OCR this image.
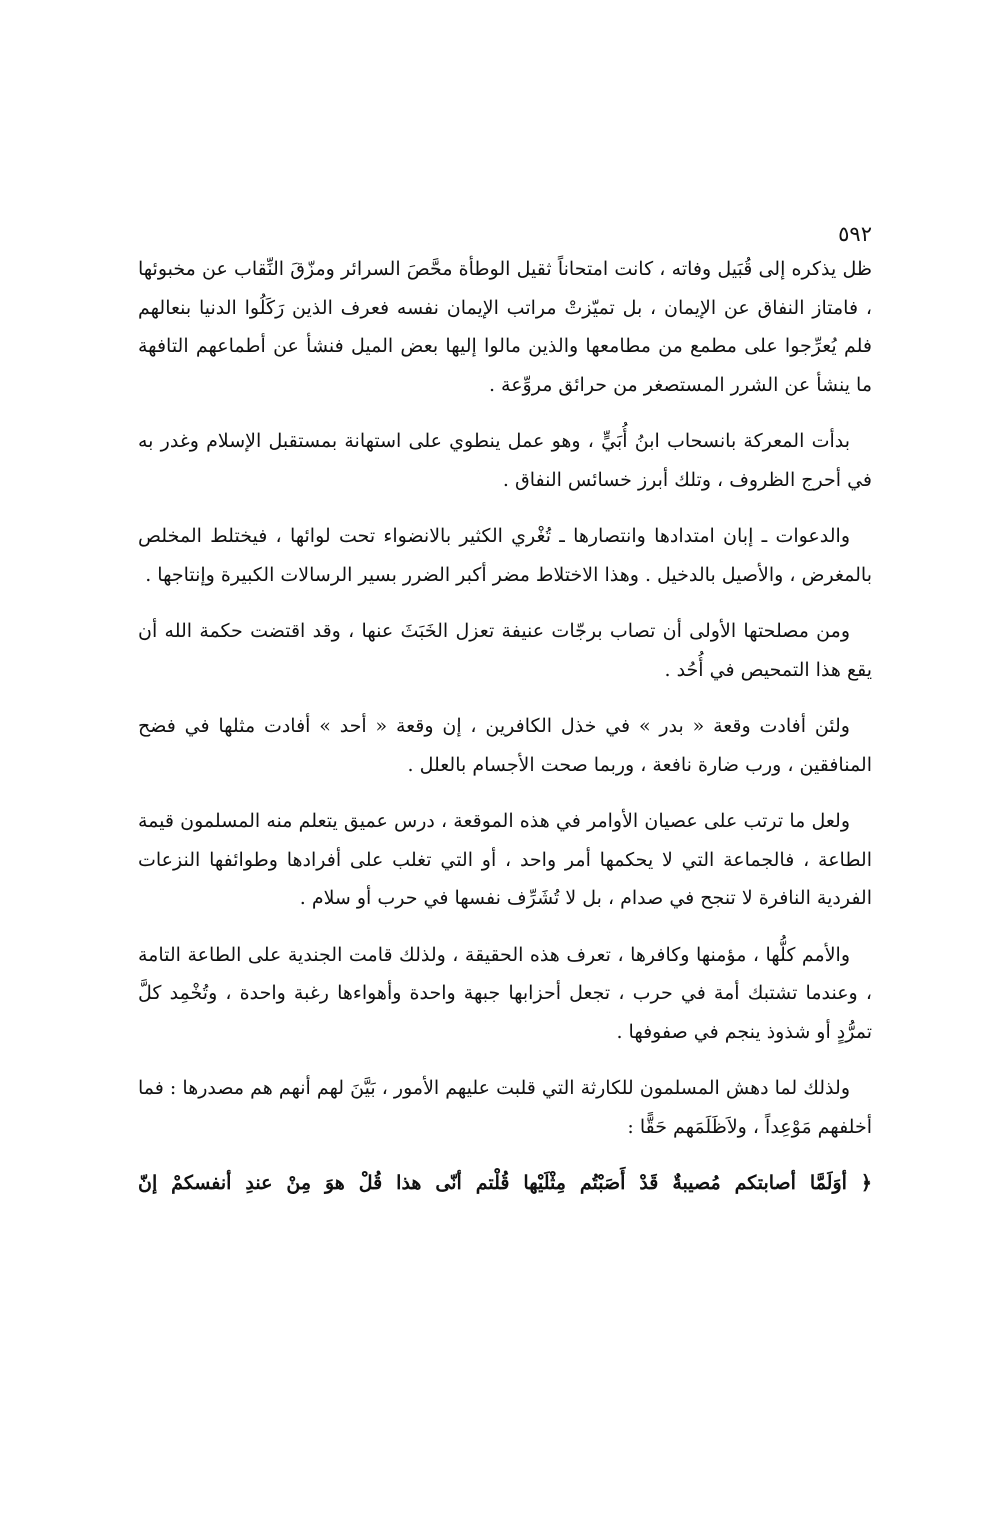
٥٩٢

ظل يذكره إلى قُبَيل وفاته ، كانت امتحاناً ثقيل الوطأة محَّصَ السرائر ومزّقَ النِّقاب عن مخبوئها ، فامتاز النفاق عن الإيمان ، بل تميّزتْ مراتب الإيمان نفسه فعرف الذين رَكَلُوا الدنيا بنعالهم فلم يُعرِّجوا على مطمع من مطامعها والذين مالوا إليها بعض الميل فنشأ عن أطماعهم التافهة ما ينشأ عن الشرر المستصغر من حرائق مروِّعة .

بدأت المعركة بانسحاب ابنُ أُبَيٍّ ، وهو عمل ينطوي على استهانة بمستقبل الإسلام وغدر به في أحرج الظروف ، وتلك أبرز خسائس النفاق .

والدعوات ـ إبان امتدادها وانتصارها ـ تُغْري الكثير بالانضواء تحت لوائها ، فيختلط المخلص بالمغرض ، والأصيل بالدخيل . وهذا الاختلاط مضر أكبر الضرر بسير الرسالات الكبيرة وإنتاجها .

ومن مصلحتها الأولى أن تصاب برجّات عنيفة تعزل الخَبَثَ عنها ، وقد اقتضت حكمة الله أن يقع هذا التمحيص في أُحُد .

ولئن أفادت وقعة « بدر » في خذل الكافرين ، إن وقعة « أحد » أفادت مثلها في فضح المنافقين ، ورب ضارة نافعة ، وربما صحت الأجسام بالعلل .

ولعل ما ترتب على عصيان الأوامر في هذه الموقعة ، درس عميق يتعلم منه المسلمون قيمة الطاعة ، فالجماعة التي لا يحكمها أمر واحد ، أو التي تغلب على أفرادها وطوائفها النزعات الفردية النافرة لا تنجح في صدام ، بل لا تُشَرِّف نفسها في حرب أو سلام .

والأمم كلُّها ، مؤمنها وكافرها ، تعرف هذه الحقيقة ، ولذلك قامت الجندية على الطاعة التامة ، وعندما تشتبك أمة في حرب ، تجعل أحزابها جبهة واحدة وأهواءها رغبة واحدة ، وتُخْمِد كلَّ تمرُّدٍ أو شذوذ ينجم في صفوفها .

ولذلك لما دهش المسلمون للكارثة التي قلبت عليهم الأمور ، بَيَّنَ لهم أنهم هم مصدرها : فما أخلفهم مَوْعِداً ، ولاَظَلَمَهم حَقًّا :

﴿ أوَلَمَّا أصابتكم مُصيبةٌ قَدْ أَصَبْتُم مِثْلَيْها قُلْتم أنّى هذا قُلْ هوَ مِنْ عندِ أنفسكمْ إنّ
